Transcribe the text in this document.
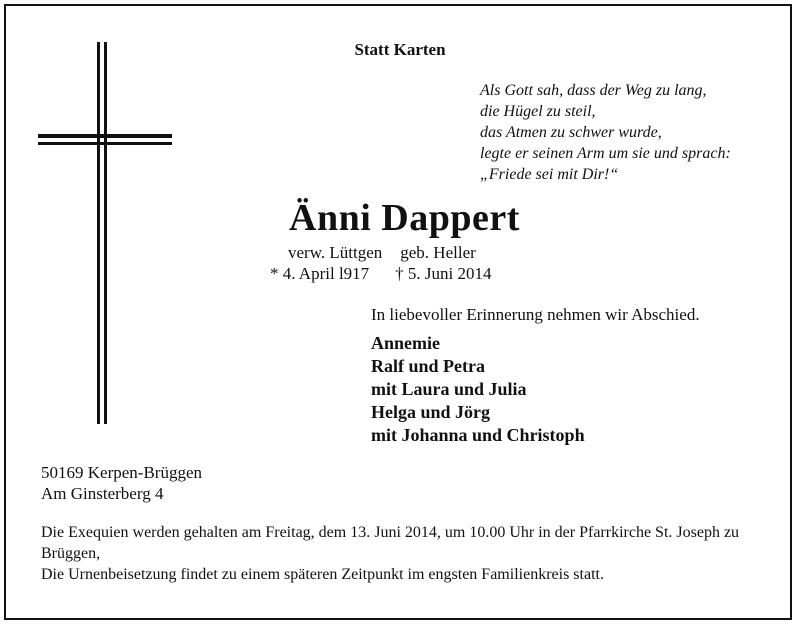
Statt Karten
Als Gott sah, dass der Weg zu lang,
die Hügel zu steil,
das Atmen zu schwer wurde,
legte er seinen Arm um sie und sprach:
„Friede sei mit Dir!“
Änni Dappert
verw. Lüttgen geb. Heller
* 4. April l917 † 5. Juni 2014
In liebevoller Erinnerung nehmen wir Abschied.
Annemie
Ralf und Petra
mit Laura und Julia
Helga und Jörg
mit Johanna und Christoph
50169 Kerpen-Brüggen
Am Ginsterberg 4
Die Exequien werden gehalten am Freitag, dem 13. Juni 2014, um 10.00 Uhr in der Pfarrkirche St. Joseph zu Brüggen,
Die Urnenbeisetzung findet zu einem späteren Zeitpunkt im engsten Familienkreis statt.
